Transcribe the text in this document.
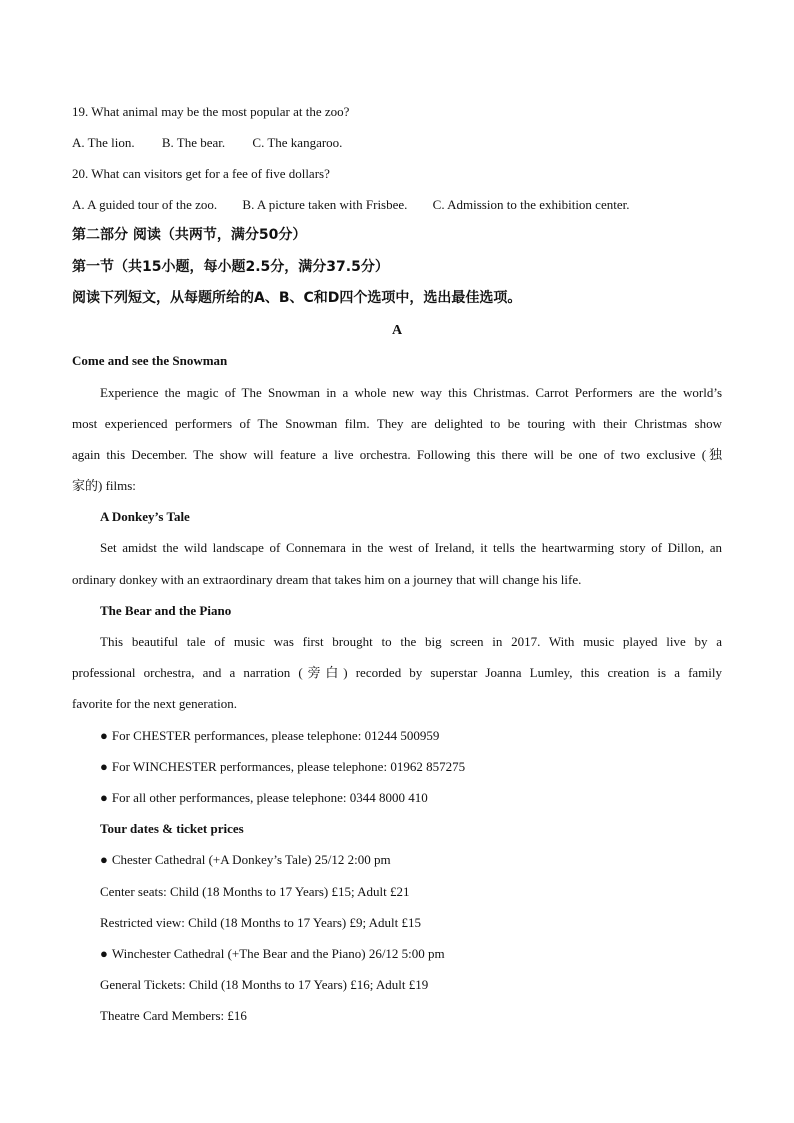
19. What animal may be the most popular at the zoo?
A. The lion. B. The bear. C. The kangaroo.
20. What can visitors get for a fee of five dollars?
A. A guided tour of the zoo. B. A picture taken with Frisbee. C. Admission to the exhibition center.
第二部分 阅读（共两节，满分50分）
第一节（共15小题，每小题2.5分，满分37.5分）
阅读下列短文，从每题所给的A、B、C和D四个选项中，选出最佳选项。
A
Come and see the Snowman
Experience the magic of The Snowman in a whole new way this Christmas. Carrot Performers are the world’s
most experienced performers of The Snowman film. They are delighted to be touring with their Christmas show
again this December. The show will feature a live orchestra. Following this there will be one of two exclusive (独
家的) films:
A Donkey’s Tale
Set amidst the wild landscape of Connemara in the west of Ireland, it tells the heartwarming story of Dillon, an
ordinary donkey with an extraordinary dream that takes him on a journey that will change his life.
The Bear and the Piano
This beautiful tale of music was first brought to the big screen in 2017. With music played live by a
professional orchestra, and a narration (旁白) recorded by superstar Joanna Lumley, this creation is a family
favorite for the next generation.
● For CHESTER performances, please telephone: 01244 500959
● For WINCHESTER performances, please telephone: 01962 857275
● For all other performances, please telephone: 0344 8000 410
Tour dates & ticket prices
● Chester Cathedral (+A Donkey’s Tale) 25/12 2:00 pm
Center seats: Child (18 Months to 17 Years) £15; Adult £21
Restricted view: Child (18 Months to 17 Years) £9; Adult £15
● Winchester Cathedral (+The Bear and the Piano) 26/12 5:00 pm
General Tickets: Child (18 Months to 17 Years) £16; Adult £19
Theatre Card Members: £16
